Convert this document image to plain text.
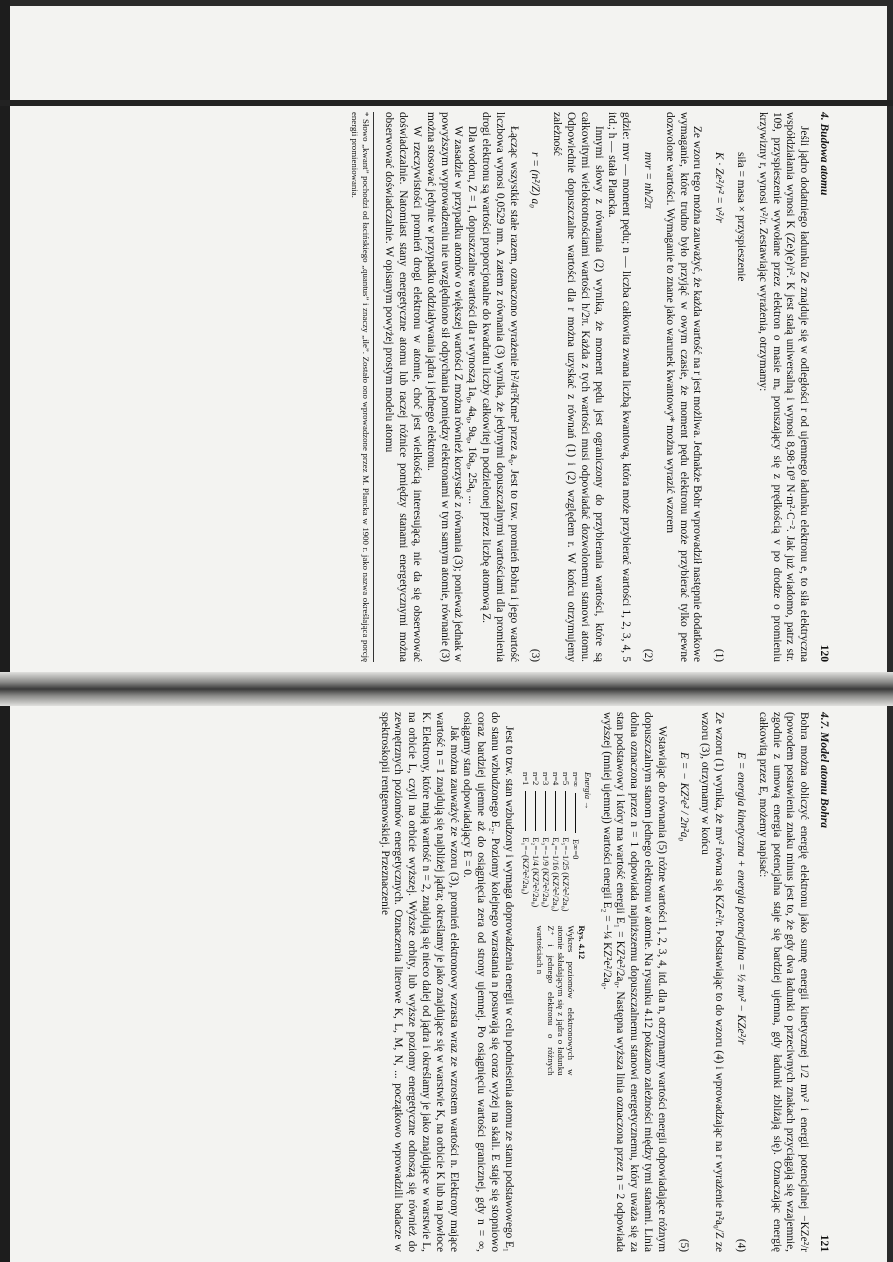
4. Budowa atomu
120

Jeśli jądro dodatniego ładunku Ze znajduje się w odległości r od ujemnego ładunku elektronu e, to siła elektryczna współdziałania wynosi K (Ze)(e)/r². K jest stałą uniwersalną i wynosi 8,98·10⁹ N·m²·C⁻². Jak już wiadomo, patrz str. 109, przyspieszenie wywołane przez elektron o masie mₑ poruszający się z prędkością v po drodze o promieniu krzywizny r, wynosi v²/r. Zestawiając wyrażenia, otrzymamy:

siła = masa × przyspieszenie
K · Ze²/r² = v²/r
(1)

Ze wzoru tego można zauważyć, że każda wartość na r jest możliwa. Jednakże Bohr wprowadził następnie dodatkowe wymaganie, które trudno było przyjąć w owym czasie, że moment pędu elektronu może przybierać tylko pewne dozwolone wartości. Wymaganie to znane jako warunek kwantowy* można wyrazić wzorem

mvr = nh/2π
(2)

gdzie: mvr — moment pędu; n — liczba całkowita zwana liczbą kwantową, która może przybierać wartości 1, 2, 3, 4, 5 itd.; h — stała Plancka.

Innymi słowy z równania (2) wynika, że moment pędu jest ograniczony do przybierania wartości, które są całkowitymi wielokrotnościami wartości h/2π. Każda z tych wartości musi odpowiadać dozwolonemu stanowi atomu. Odpowiednie dopuszczalne wartości dla r można uzyskać z równań (1) i (2) względem r. W końcu otrzymujemy zależność

r = (n²/Z) a₀
(3)

Łącząc wszystkie stałe razem, oznaczono wyrażenie h²/4π²Kme² przez a₀. Jest to tzw. promień Bohra i jego wartość liczbowa wynosi 0,0529 nm. A zatem z równania (3) wynika, że jedynymi dopuszczalnymi wartościami dla promienia drogi elektronu są wartości proporcjonalne do kwadratu liczby całkowitej n podzielonej przez liczbę atomową Z.

Dla wodoru, Z = 1, dopuszczalne wartości dla r wynoszą 1a₀, 4a₀, 9a₀, 16a₀, 25a₀ ...

W zasadzie w przypadku atomów o większej wartości Z można również korzystać z równania (3); ponieważ jednak w powyższym wyprowadzeniu nie uwzględniono sił odpychania pomiędzy elektronami w tym samym atomie, równanie (3) można stosować jedynie w przypadku oddziaływania jądra i jednego elektronu.

W rzeczywistości promień drogi elektronu w atomie, choć jest wielkością interesującą, nie da się obserwować doświadczalnie. Natomiast stany energetyczne atomu lub raczej różnice pomiędzy stanami energetycznymi można obserwować doświadczalnie. W opisanym powyżej prostym modelu atomu

* Słowo „kwant” pochodzi od łacińskiego „quantus” i znaczy „ile”. Zostało ono wprowadzone przez M. Plancka w 1900 r. jako nazwa określająca porcję energii promieniowania.
4.7. Model atomu Bohra
121

Bohra można obliczyć energię elektronu jako sumę energii kinetycznej 1/2 mv² i energii potencjalnej −KZe²/r (powodem postawienia znaku minus jest to, że gdy dwa ładunki o przeciwnych znakach przyciągają się wzajemnie, zgodnie z umową energia potencjalna staje się bardziej ujemna, gdy ładunki zbliżają się). Oznaczając energię całkowitą przez E, możemy napisać:

E = energia kinetyczna + energia potencjalna = ½ mv² − KZe²/r
(4)

Ze wzoru (1) wynika, że mv² równa się KZe²/r. Podstawiając to do wzoru (4) i wprowadzając na r wyrażenie n²a₀/Z ze wzoru (3), otrzymamy w końcu

E = − KZ²e² / 2n²a₀
(5)

Wstawiając do równania (5) różne wartości 1, 2, 3, 4, itd. dla n, otrzymamy wartości energii odpowiadające różnym dopuszczalnym stanom jednego elektronu w atomie. Na rysunku 4.12 pokazano zależności między tymi stanami. Linia dolna oznaczona przez n = 1 odpowiada najniższemu dopuszczalnemu stanowi energetycznemu, który uważa się za stan podstawowy i który ma wartość energii E₁ = KZ²e²/2a₀. Następna wyższa linia oznaczona przez n = 2 odpowiada wyższej (mniej ujemnej) wartości energii E₂ = −¼ KZ²e²/2a₀.

Energia →
n=∞
E∞=0
n=5
E₅=−1/25 (KZ²e²/2a₀)
n=4
E₄=−1/16 (KZ²e²/2a₀)
n=3
E₃=−1/9 (KZ²e²/2a₀)
n=2
E₂=−1/4 (KZ²e²/2a₀)
n=1
E₁=−(KZ²e²/2a₀)
Rys. 4.12
Wykres poziomów elektronowych w atomie składającym się z jądra o ładunku Z⁺ i jednego elektronu o różnych wartościach n

Jest to tzw. stan wzbudzony i wymaga doprowadzenia energii w celu podniesienia atomu ze stanu podstawowego E₁ do stanu wzbudzonego E₂. Poziomy kolejnego wzrastania n posuwają się coraz wyżej na skali. E staje się stopniowo coraz bardziej ujemne aż do osiągnięcia zera od strony ujemnej. Po osiągnięciu wartości granicznej, gdy n = ∞, osiągamy stan odpowiadający E = 0.

Jak można zauważyć ze wzoru (3), promień elektronowy wzrasta wraz ze wzrostem wartości n. Elektrony mające wartość n = 1 znajdują się najbliżej jądra; określamy je jako znajdujące się w warstwie K, na orbicie K lub na powłoce K. Elektrony, które mają wartość n = 2, znajdują się nieco dalej od jądra i określamy je jako znajdujące w warstwie L, na orbicie L, czyli na orbicie wyższej. Wyższe orbity, lub wyższe poziomy energetyczne odnoszą się również do zewnętrznych poziomów energetycznych. Oznaczenia literowe K, L, M, N, ... początkowo wprowadzili badacze w spektroskopii rentgenowskiej. Przeznaczenie
